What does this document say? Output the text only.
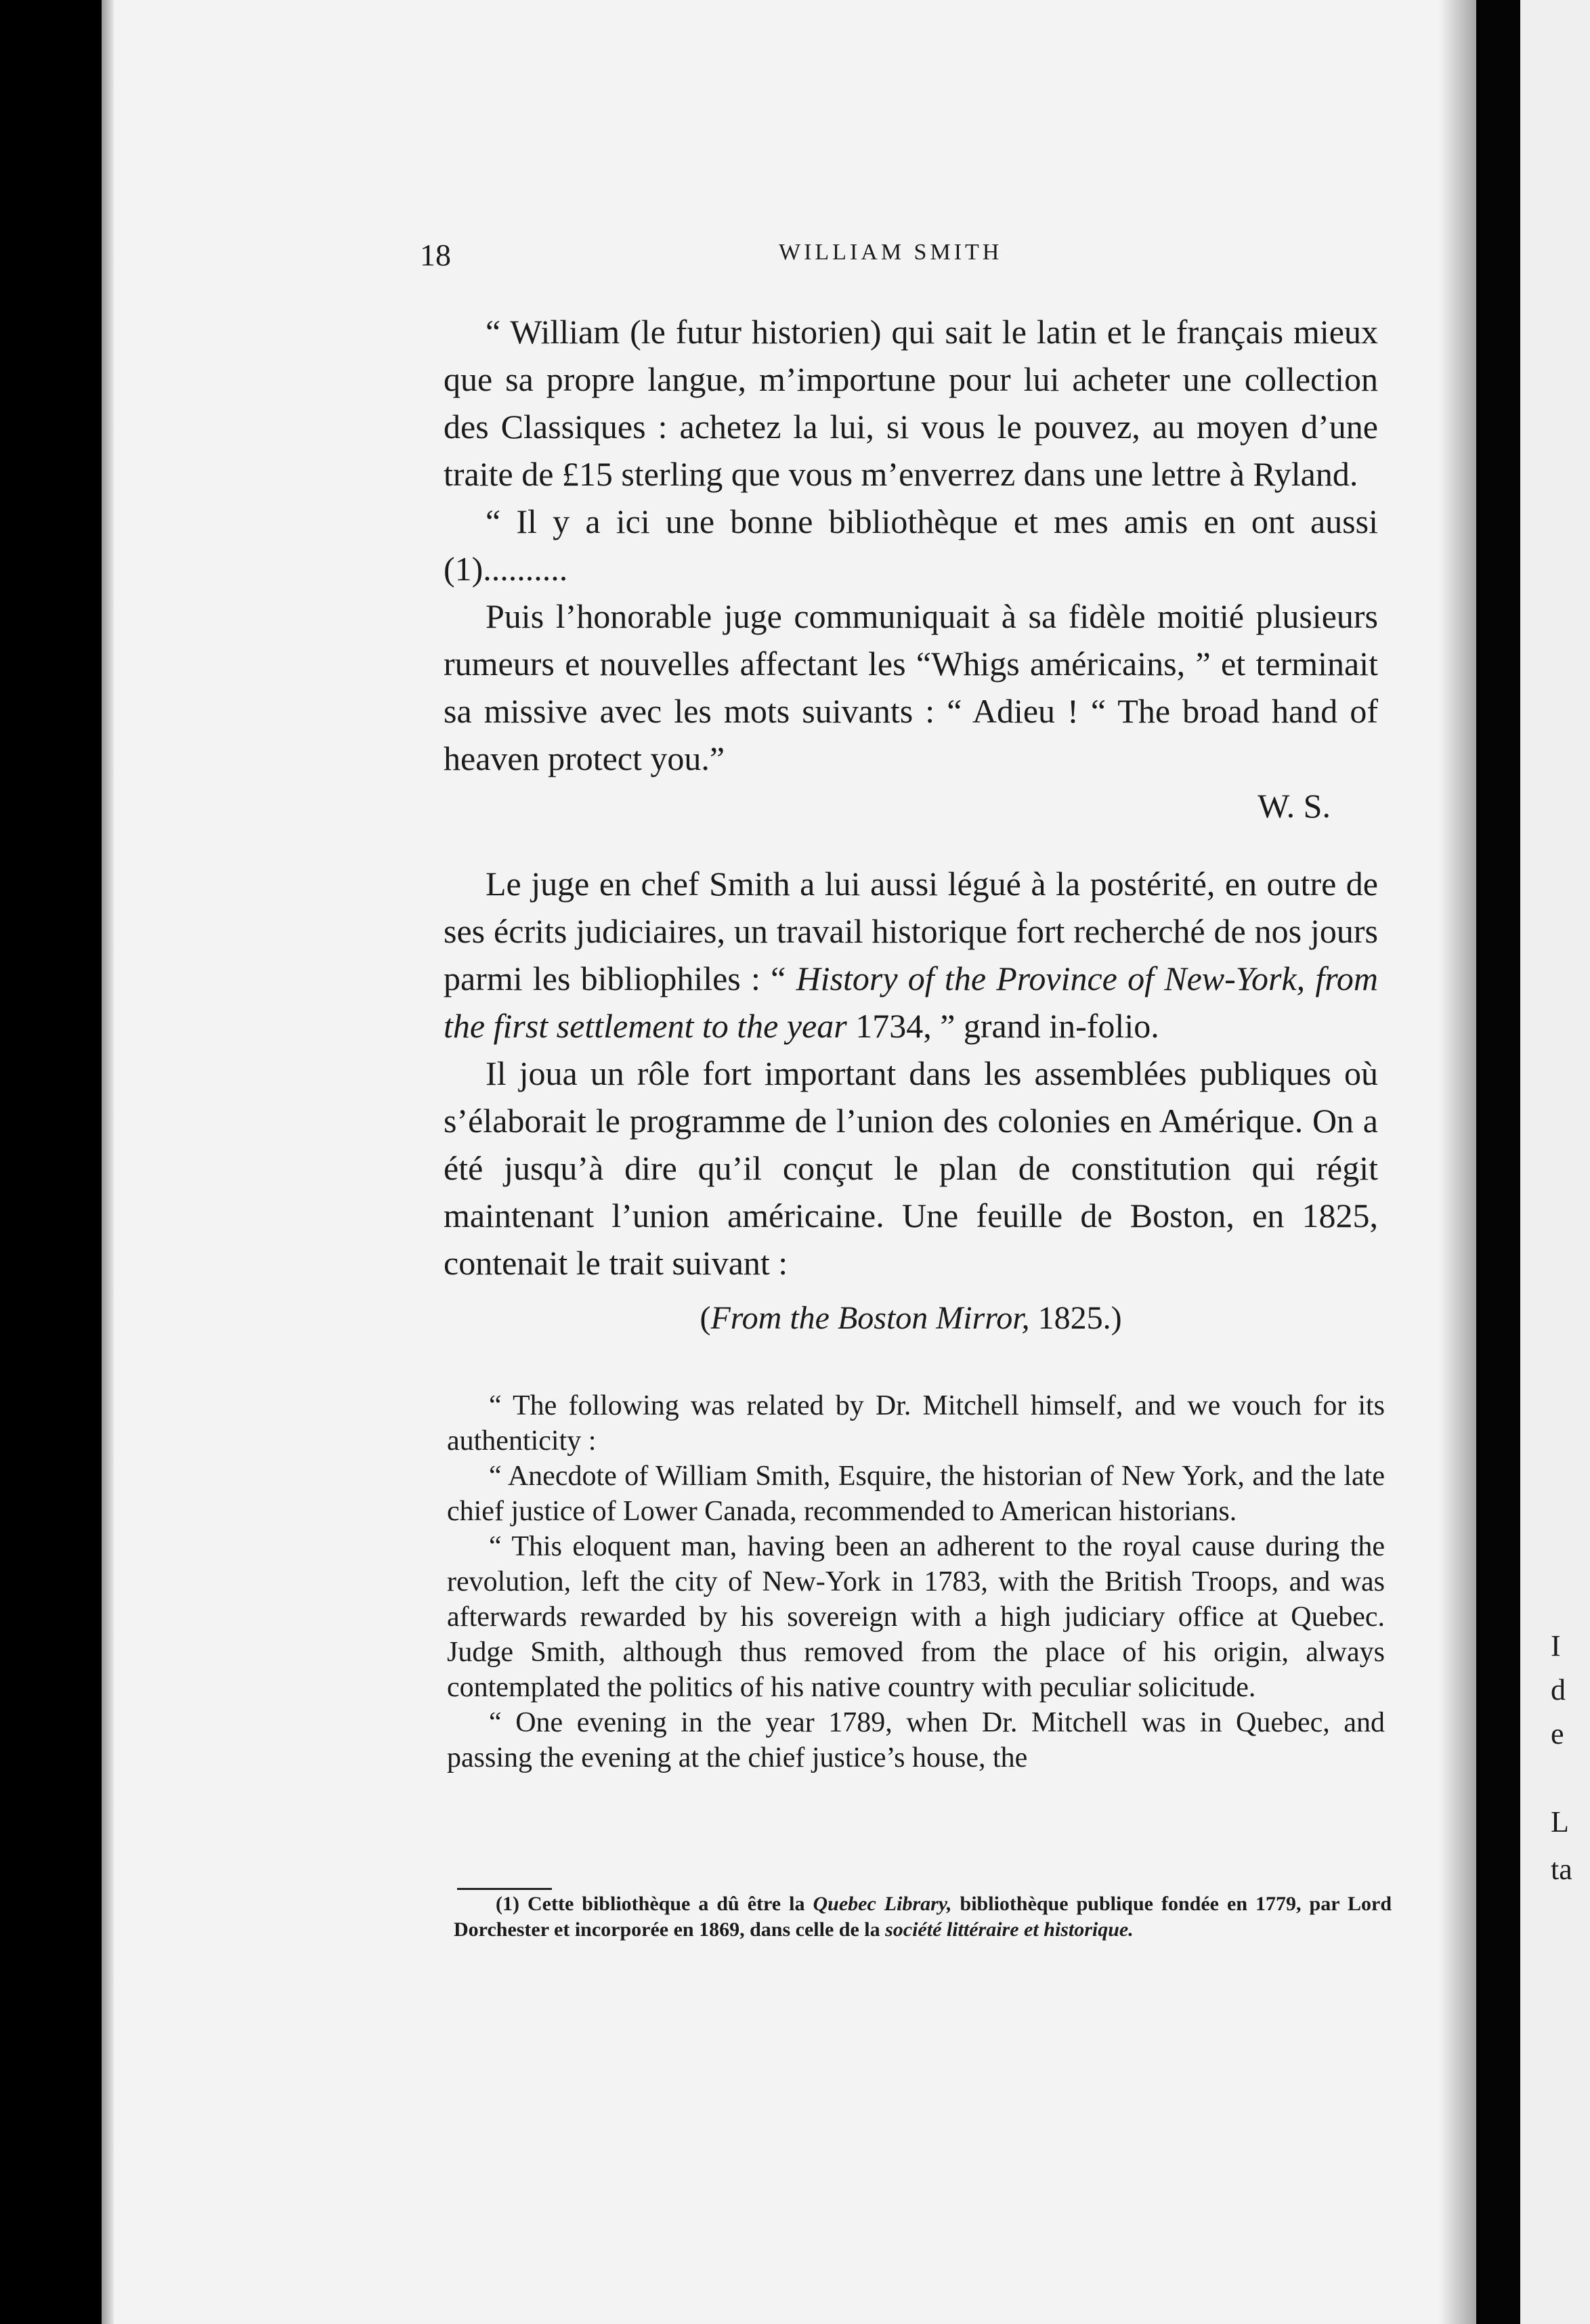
I
d
e
L
ta
18	WILLIAM SMITH

“ William (le futur historien) qui sait le latin et le français mieux que sa propre langue, m’importune pour lui acheter une collection des Classiques : achetez la lui, si vous le pouvez, au moyen d’une traite de £15 sterling que vous m’enverrez dans une lettre à Ryland.

“ Il y a ici une bonne bibliothèque et mes amis en ont aussi (1)..........

Puis l’honorable juge communiquait à sa fidèle moitié plusieurs rumeurs et nouvelles affectant les “Whigs américains, ” et terminait sa missive avec les mots suivants : “ Adieu ! “ The broad hand of heaven protect you.”

W. S.

Le juge en chef Smith a lui aussi légué à la postérité, en outre de ses écrits judiciaires, un travail historique fort recherché de nos jours parmi les bibliophiles : “ History of the Province of New-York, from the first settlement to the year 1734, ” grand in-folio.

Il joua un rôle fort important dans les assemblées publiques où s’élaborait le programme de l’union des colonies en Amérique. On a été jusqu’à dire qu’il conçut le plan de constitution qui régit maintenant l’union américaine. Une feuille de Boston, en 1825, contenait le trait suivant :

(From the Boston Mirror, 1825.)

“ The following was related by Dr. Mitchell himself, and we vouch for its authenticity :

“ Anecdote of William Smith, Esquire, the historian of New York, and the late chief justice of Lower Canada, recommended to American historians.

“ This eloquent man, having been an adherent to the royal cause during the revolution, left the city of New-York in 1783, with the British Troops, and was afterwards rewarded by his sovereign with a high judiciary office at Quebec. Judge Smith, although thus removed from the place of his origin, always contemplated the politics of his native country with peculiar solicitude.

“ One evening in the year 1789, when Dr. Mitchell was in Quebec, and passing the evening at the chief justice’s house, the

(1) Cette bibliothèque a dû être la Quebec Library, bibliothèque publique fondée en 1779, par Lord Dorchester et incorporée en 1869, dans celle de la société littéraire et historique.
